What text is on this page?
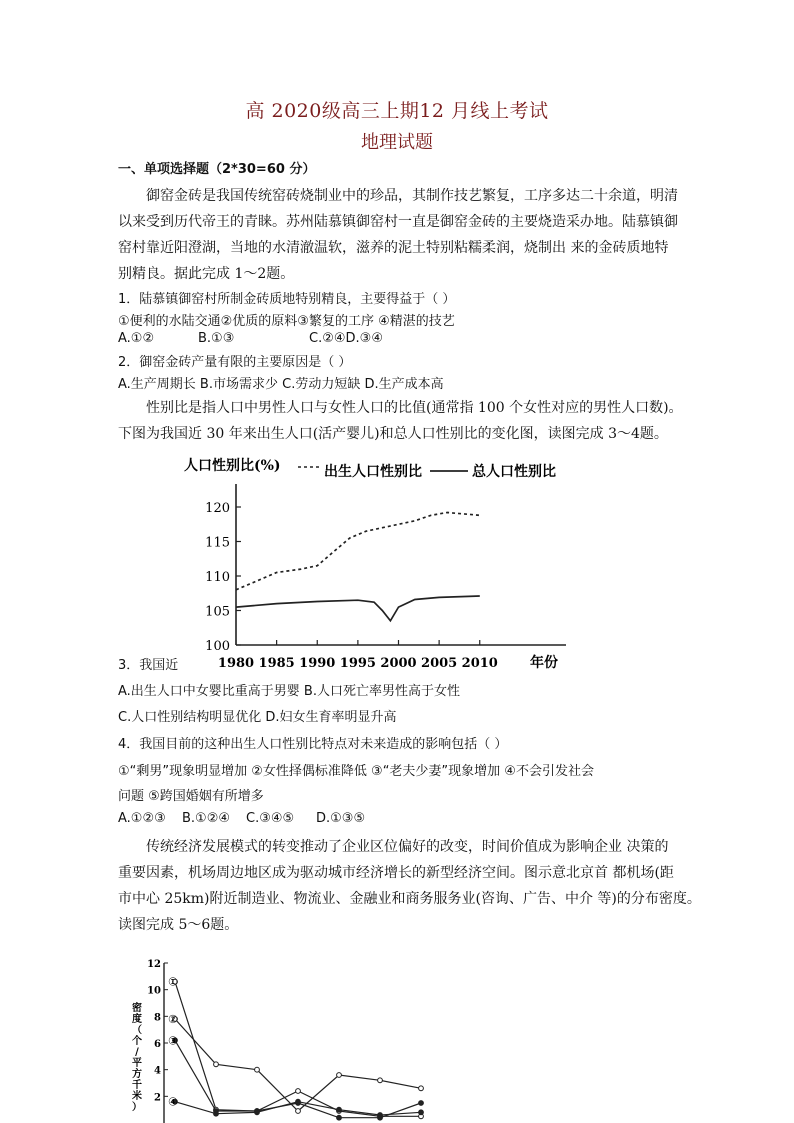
高 2020级高三上期12 月线上考试
地理试题
一、单项选择题（2*30=60 分）
御窑金砖是我国传统窑砖烧制业中的珍品，其制作技艺繁复，工序多达二十余道，明清
以来受到历代帝王的青睐。苏州陆慕镇御窑村一直是御窑金砖的主要烧造采办地。陆慕镇御
窑村靠近阳澄湖，当地的水清澈温软，滋养的泥土特别粘糯柔润，烧制出 来的金砖质地特
别精良。据此完成 1～2题。
1．陆慕镇御窑村所制金砖质地特别精良，主要得益于（ ）
①便利的水陆交通②优质的原料③繁复的工序 ④精湛的技艺
A.①②	B.①③	C.②④D.③④
2．御窑金砖产量有限的主要原因是（ ）
A.生产周期长 B.市场需求少 C.劳动力短缺 D.生产成本高
性别比是指人口中男性人口与女性人口的比值(通常指 100 个女性对应的男性人口数)。
下图为我国近 30 年来出生人口(活产婴儿)和总人口性别比的变化图，读图完成 3～4题。
人口性别比(%)	出生人口性别比	总人口性别比
100
105
110
115
120
1980 1985 1990 1995 2000 2005 2010 年份
3．我国近
A.出生人口中女婴比重高于男婴 B.人口死亡率男性高于女性
C.人口性别结构明显优化 D.妇女生育率明显升高
4．我国目前的这种出生人口性别比特点对未来造成的影响包括（ ）
①“剩男”现象明显增加 ②女性择偶标准降低 ③“老夫少妻”现象增加 ④不会引发社会
问题 ⑤跨国婚姻有所增多
A.①②③ B.①②④ C.③④⑤ D.①③⑤
传统经济发展模式的转变推动了企业区位偏好的改变，时间价值成为影响企业 决策的
重要因素，机场周边地区成为驱动城市经济增长的新型经济空间。图示意北京首 都机场(距
市中心 25km)附近制造业、物流业、金融业和商务服务业(咨询、广告、中介 等)的分布密度。
读图完成 5～6题。
密
度
（
个
/
平
方
千
米
）
2
4
6
8
10
12
①
②
③
④
